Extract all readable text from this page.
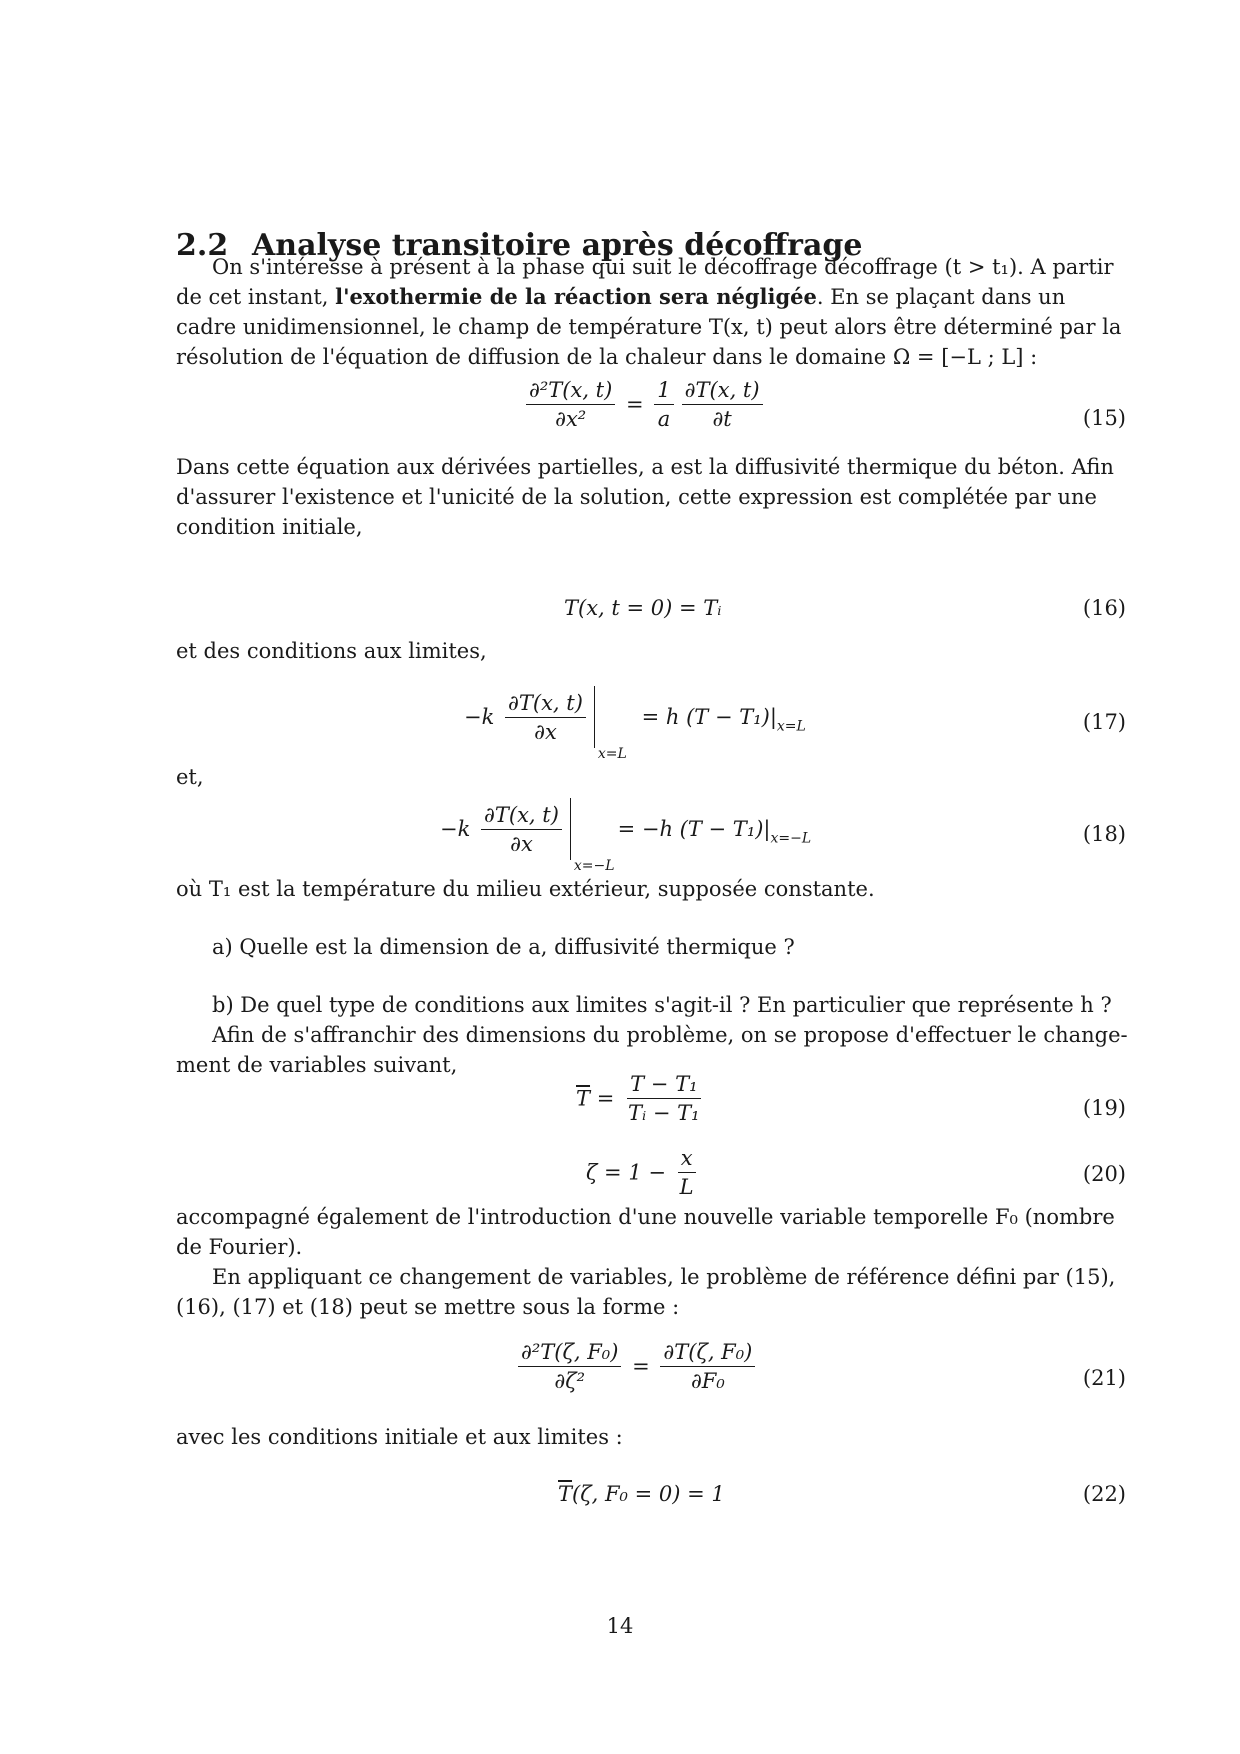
2.2 Analyse transitoire après décoffrage
On s'intéresse à présent à la phase qui suit le décoffrage décoffrage (t > t₁). A partir
de cet instant, l'exothermie de la réaction sera négligée. En se plaçant dans un
cadre unidimensionnel, le champ de température T(x, t) peut alors être déterminé par la
résolution de l'équation de diffusion de la chaleur dans le domaine Ω = [−L ; L] :
$\frac{\text{∂²T(x, t)}}{\text{∂x²}} = \frac{1}{a} \frac{\partial T(x, t)}{\partial t}$	(15)
Dans cette équation aux dérivées partielles, a est la diffusivité thermique du béton. Afin
d'assurer l'existence et l'unicité de la solution, cette expression est complétée par une
condition initiale,
T(x, t = 0) = Tᵢ	(16)
et des conditions aux limites,
$-k \frac{\partial T(x, t)}{\partial x}$
x=L
= h $(T - T_1)|_{x=L}$	(17)
et,
$-k \frac{\partial T(x, t)}{\partial x}$
x=−L
= −h $(T - T_1)|_{x=-L}$	(18)
où T₁ est la température du milieu extérieur, supposée constante.
a) Quelle est la dimension de a, diffusivité thermique ?
b) De quel type de conditions aux limites s'agit-il ? En particulier que représente h ?
Afin de s'affranchir des dimensions du problème, on se propose d'effectuer le change-
ment de variables suivant,
$\overline{T} = \frac{\text{T − T₁}}{\text{Tᵢ − T₁}}$	(19)
$\zeta = 1 - \frac{x}{L}$	(20)
accompagné également de l'introduction d'une nouvelle variable temporelle F₀ (nombre
de Fourier).
En appliquant ce changement de variables, le problème de référence défini par (15),
(16), (17) et (18) peut se mettre sous la forme :
$\frac{\text{∂²T(ζ, F₀)}}{\text{∂ζ²}} = \frac{\text{∂T(ζ, F₀)}}{\text{∂F₀}}$	(21)
avec les conditions initiale et aux limites :
$\overline{T}(\zeta$, F₀ = 0) = 1	(22)
14
